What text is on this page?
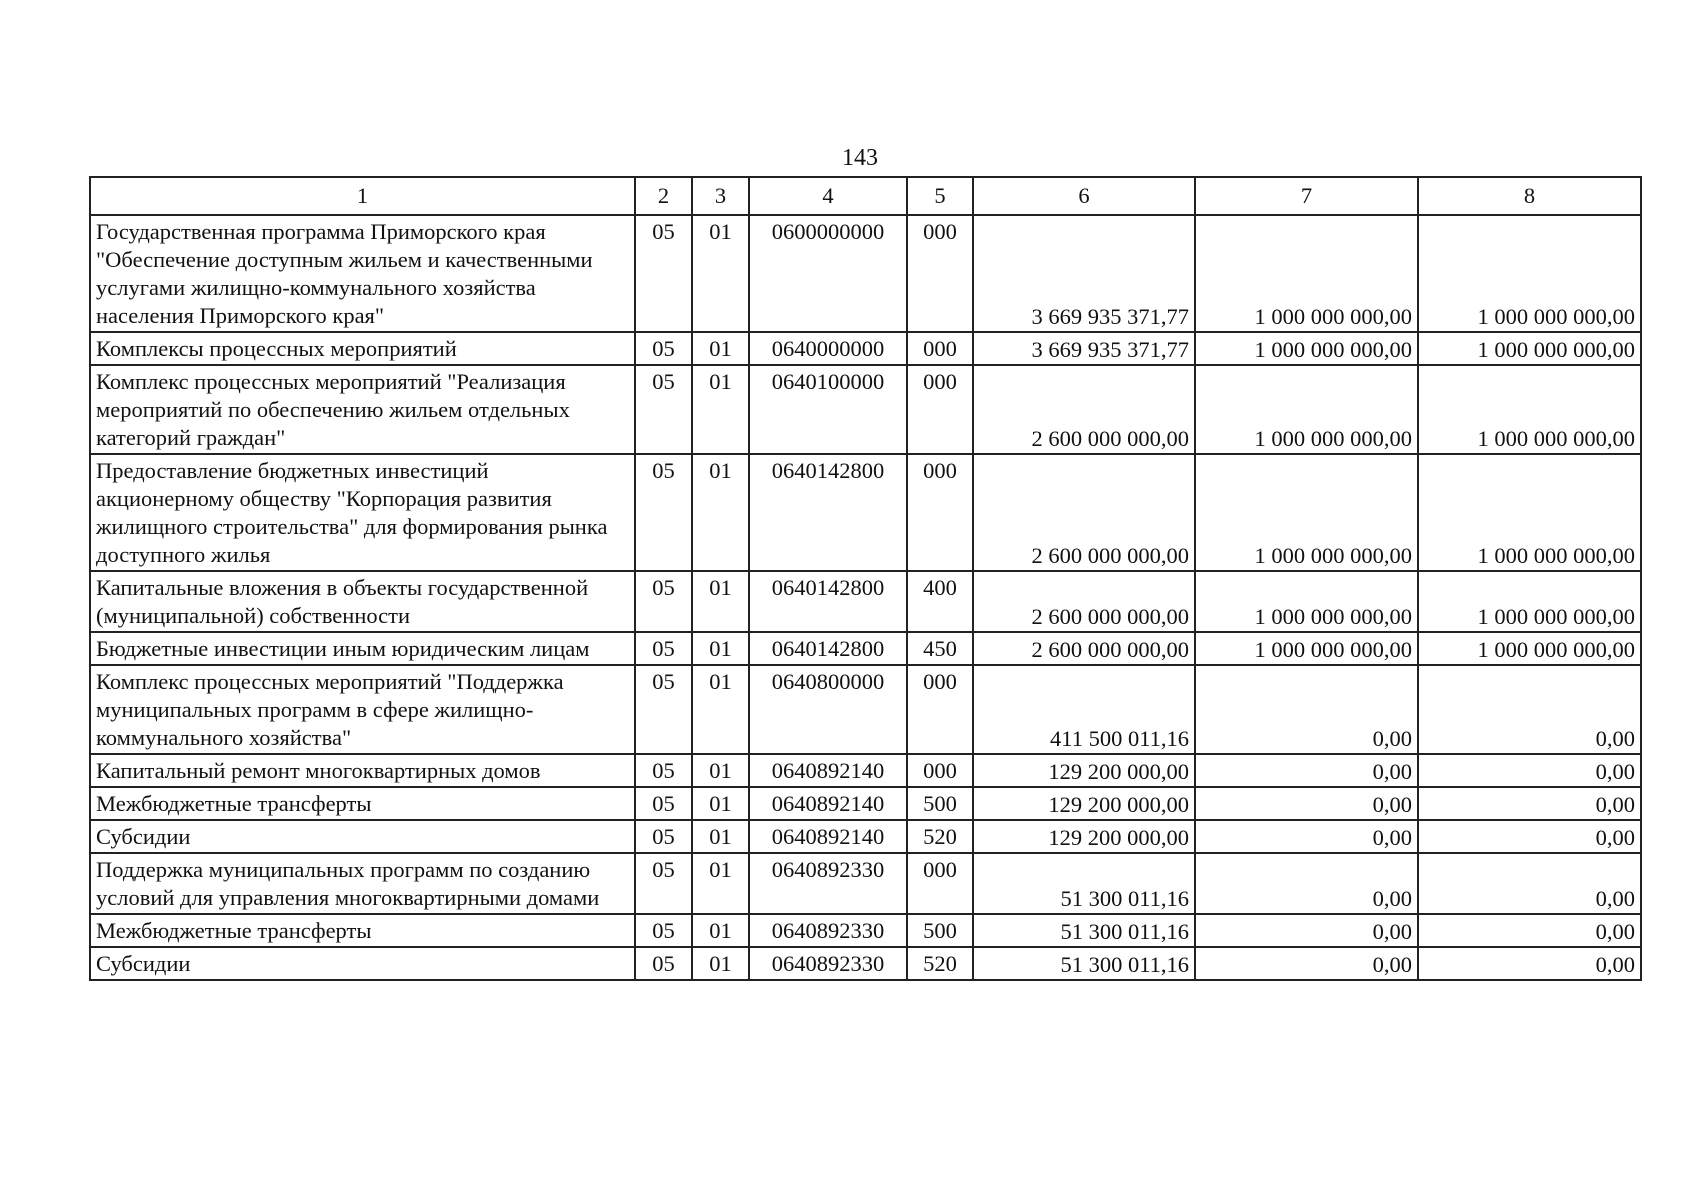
143
1	2	3	4	5	6	7	8
Государственная программа Приморского края "Обеспечение доступным жильем и качественными услугами жилищно-коммунального хозяйства населения Приморского края"	05	01	0600000000	000	3 669 935 371,77	1 000 000 000,00	1 000 000 000,00
Комплексы процессных мероприятий	05	01	0640000000	000	3 669 935 371,77	1 000 000 000,00	1 000 000 000,00
Комплекс процессных мероприятий "Реализация мероприятий по обеспечению жильем отдельных категорий граждан"	05	01	0640100000	000	2 600 000 000,00	1 000 000 000,00	1 000 000 000,00
Предоставление бюджетных инвестиций акционерному обществу "Корпорация развития жилищного строительства" для формирования рынка доступного жилья	05	01	0640142800	000	2 600 000 000,00	1 000 000 000,00	1 000 000 000,00
Капитальные вложения в объекты государственной (муниципальной) собственности	05	01	0640142800	400	2 600 000 000,00	1 000 000 000,00	1 000 000 000,00
Бюджетные инвестиции иным юридическим лицам	05	01	0640142800	450	2 600 000 000,00	1 000 000 000,00	1 000 000 000,00
Комплекс процессных мероприятий "Поддержка муниципальных программ в сфере жилищно-коммунального хозяйства"	05	01	0640800000	000	411 500 011,16	0,00	0,00
Капитальный ремонт многоквартирных домов	05	01	0640892140	000	129 200 000,00	0,00	0,00
Межбюджетные трансферты	05	01	0640892140	500	129 200 000,00	0,00	0,00
Субсидии	05	01	0640892140	520	129 200 000,00	0,00	0,00
Поддержка муниципальных программ по созданию условий для управления многоквартирными домами	05	01	0640892330	000	51 300 011,16	0,00	0,00
Межбюджетные трансферты	05	01	0640892330	500	51 300 011,16	0,00	0,00
Субсидии	05	01	0640892330	520	51 300 011,16	0,00	0,00
